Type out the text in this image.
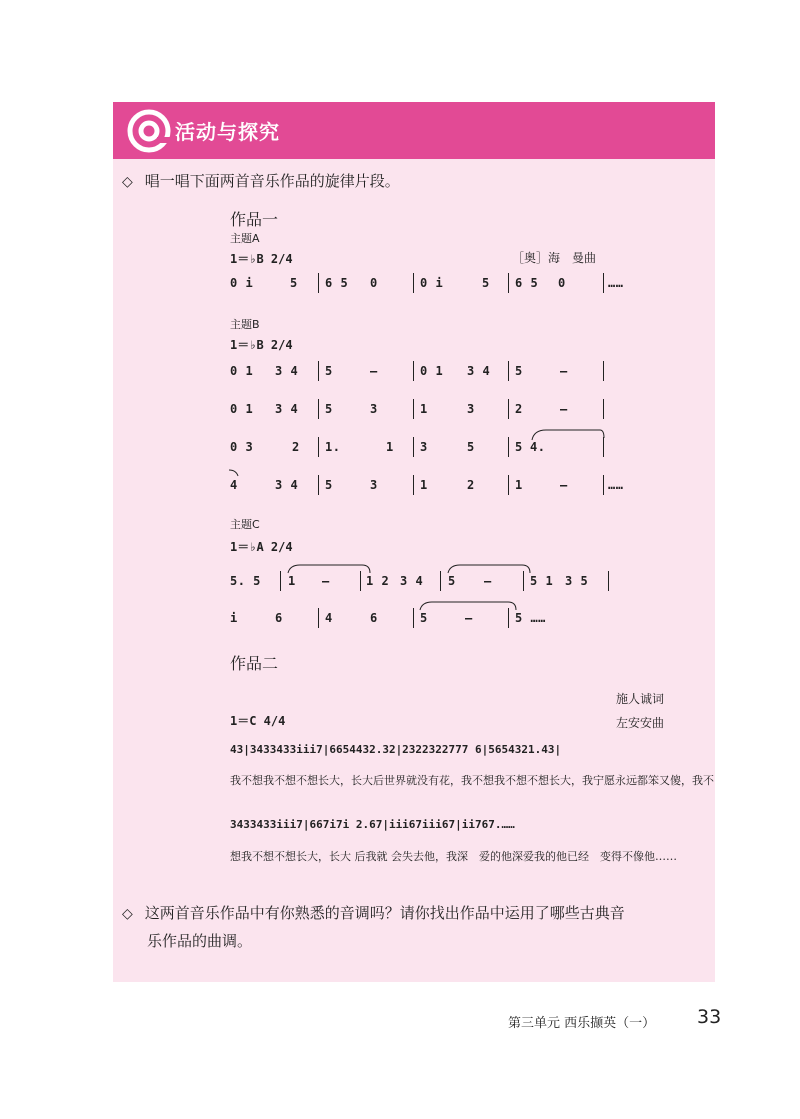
活动与探究
◇ 唱一唱下面两首音乐作品的旋律片段。
作品一
主题A
1＝♭B 2/4	［奥］海　曼曲
0 i	5 6 5 0	0 i	5 6 5 0	……
主题B
1＝♭B 2/4
0 1 3 4 5	–	0 1 3 4 5	–
0 1 3 4 5	3	1	3	2	–
0 3	2 1.	1 3	5	5 4.
4	3 4 5	3	1	2	1	–	……
主题C
1＝♭A 2/4
5. 5 1 –	1 2 3 4 5 –	5 1 3 5
i	6	4	6	5	–	5 ……
作品二
施人诚词
左安安曲
1＝C 4/4
43|3433433iii7|6654432.32|2322322777 6|5654321.43|
我不想我不想不想长大，长大后世界就没有花，我不想我不想不想长大，我宁愿永远都笨又傻，我不
3433433iii7|667i7i 2.67|iii67iii67|ii767.……
想我不想不想长大，长大 后我就 会失去他，我深　爱的他深爱我的他已经　变得不像他……
◇ 这两首音乐作品中有你熟悉的音调吗？请你找出作品中运用了哪些古典音
乐作品的曲调。
第三单元 西乐撷英（一） 33
